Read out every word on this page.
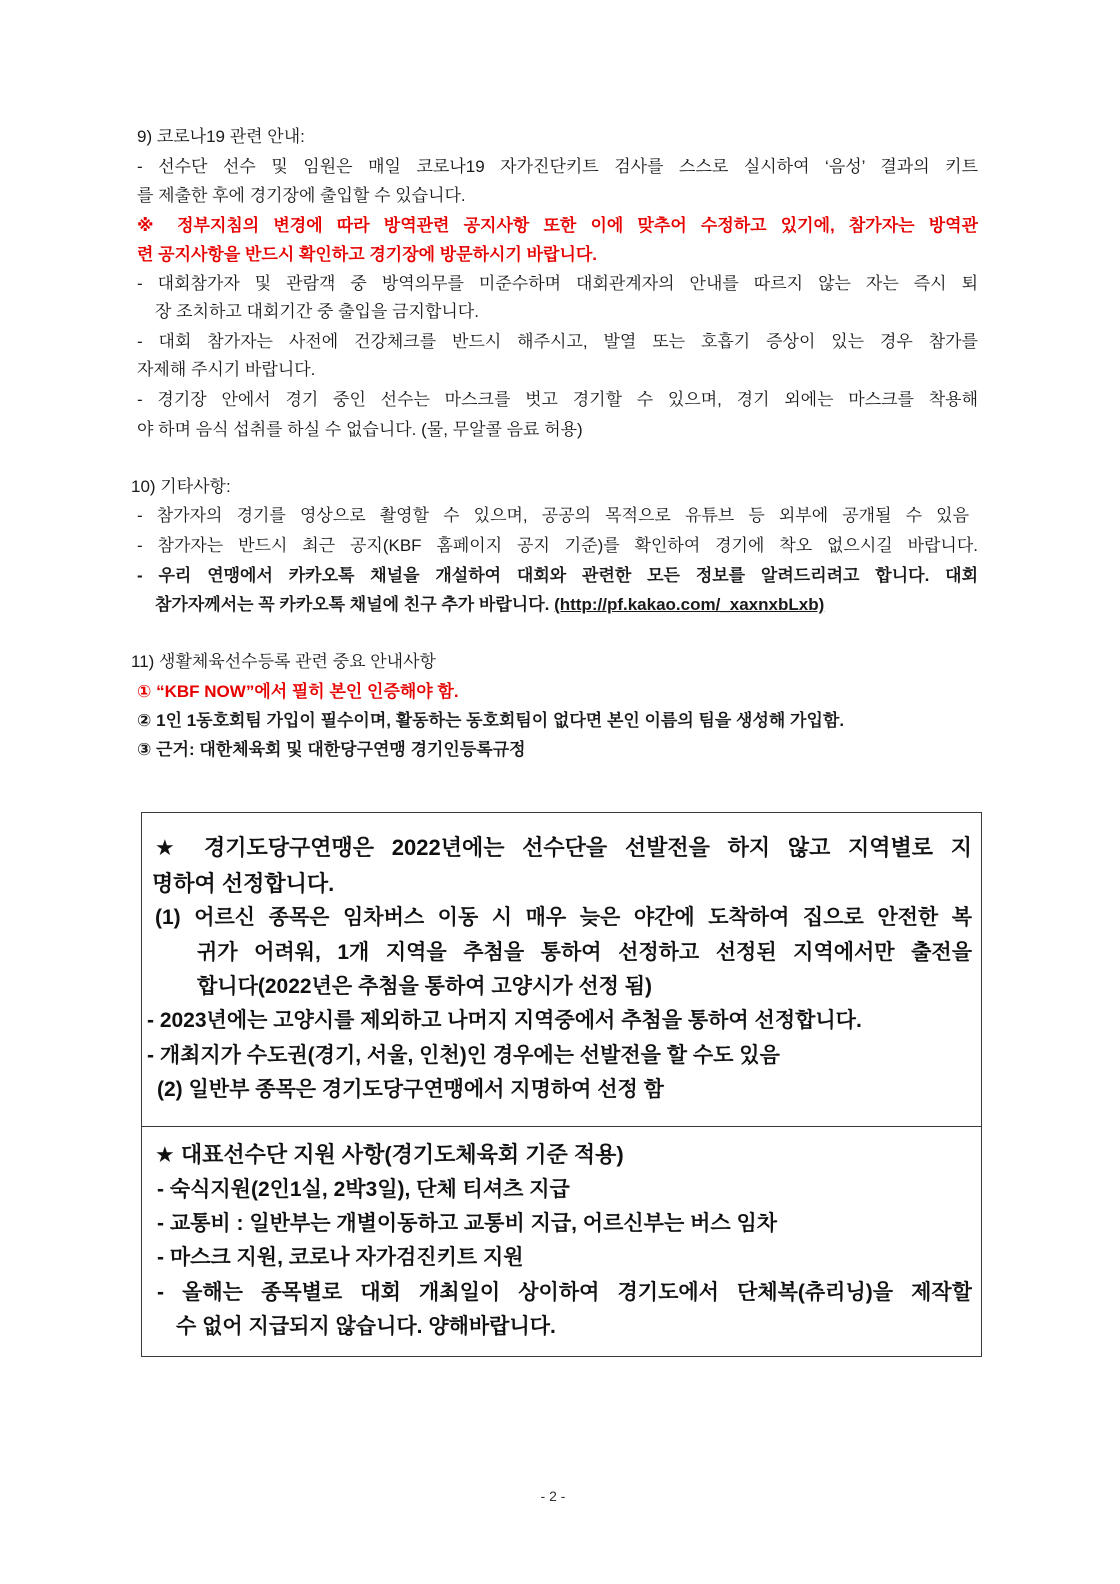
9) 코로나19 관련 안내:
- 선수단 선수 및 임원은 매일 코로나19 자가진단키트 검사를 스스로 실시하여 ‘음성’ 결과의 키트
를 제출한 후에 경기장에 출입할 수 있습니다.
※ 정부지침의 변경에 따라 방역관련 공지사항 또한 이에 맞추어 수정하고 있기에, 참가자는 방역관
련 공지사항을 반드시 확인하고 경기장에 방문하시기 바랍니다.
- 대회참가자 및 관람객 중 방역의무를 미준수하며 대회관계자의 안내를 따르지 않는 자는 즉시 퇴
장 조치하고 대회기간 중 출입을 금지합니다.
- 대회 참가자는 사전에 건강체크를 반드시 해주시고, 발열 또는 호흡기 증상이 있는 경우 참가를
자제해 주시기 바랍니다.
- 경기장 안에서 경기 중인 선수는 마스크를 벗고 경기할 수 있으며, 경기 외에는 마스크를 착용해
야 하며 음식 섭취를 하실 수 없습니다. (물, 무알콜 음료 허용)
10) 기타사항:
- 참가자의 경기를 영상으로 촬영할 수 있으며, 공공의 목적으로 유튜브 등 외부에 공개될 수 있음
- 참가자는 반드시 최근 공지(KBF 홈페이지 공지 기준)를 확인하여 경기에 착오 없으시길 바랍니다.
- 우리 연맹에서 카카오톡 채널을 개설하여 대회와 관련한 모든 정보를 알려드리려고 합니다. 대회
참가자께서는 꼭 카카오톡 채널에 친구 추가 바랍니다. (http://pf.kakao.com/_xaxnxbLxb)
11) 생활체육선수등록 관련 중요 안내사항
① “KBF NOW”에서 필히 본인 인증해야 함.
② 1인 1동호회팀 가입이 필수이며, 활동하는 동호회팀이 없다면 본인 이름의 팀을 생성해 가입함.
③ 근거: 대한체육회 및 대한당구연맹 경기인등록규정
★ 경기도당구연맹은 2022년에는 선수단을 선발전을 하지 않고 지역별로 지
명하여 선정합니다.
(1) 어르신 종목은 임차버스 이동 시 매우 늦은 야간에 도착하여 집으로 안전한 복
귀가 어려워, 1개 지역을 추첨을 통하여 선정하고 선정된 지역에서만 출전을
합니다(2022년은 추첨을 통하여 고양시가 선정 됨)
- 2023년에는 고양시를 제외하고 나머지 지역중에서 추첨을 통하여 선정합니다.
- 개최지가 수도권(경기, 서울, 인천)인 경우에는 선발전을 할 수도 있음
(2) 일반부 종목은 경기도당구연맹에서 지명하여 선정 함
★ 대표선수단 지원 사항(경기도체육회 기준 적용)
- 숙식지원(2인1실, 2박3일), 단체 티셔츠 지급
- 교통비 : 일반부는 개별이동하고 교통비 지급, 어르신부는 버스 임차
- 마스크 지원, 코로나 자가검진키트 지원
- 올해는 종목별로 대회 개최일이 상이하여 경기도에서 단체복(츄리닝)을 제작할
수 없어 지급되지 않습니다. 양해바랍니다.
- 2 -
